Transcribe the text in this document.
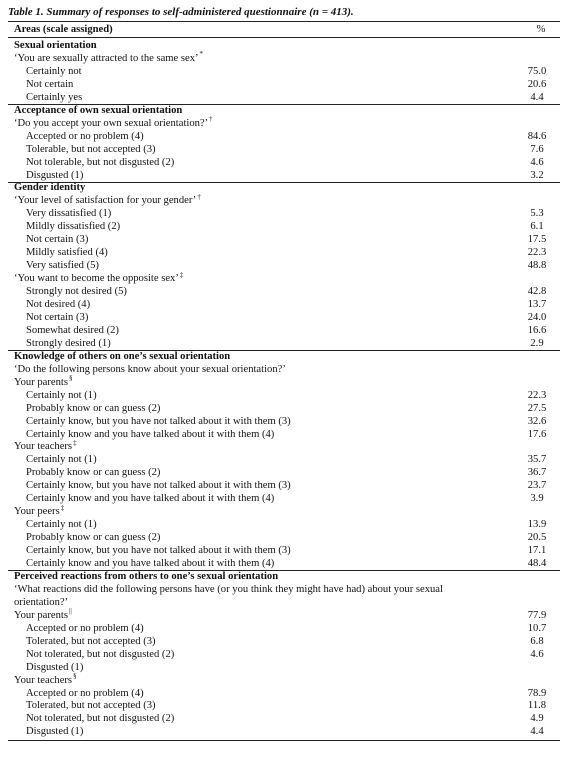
Table 1. Summary of responses to self-administered questionnaire (n = 413).
Areas (scale assigned)	%
Sexual orientation
‘You are sexually attracted to the same sex’*
Certainly not	75.0
Not certain	20.6
Certainly yes	4.4
Acceptance of own sexual orientation
‘Do you accept your own sexual orientation?’†
Accepted or no problem (4)	84.6
Tolerable, but not accepted (3)	7.6
Not tolerable, but not disgusted (2)	4.6
Disgusted (1)	3.2
Gender identity
‘Your level of satisfaction for your gender’†
Very dissatisfied (1)	5.3
Mildly dissatisfied (2)	6.1
Not certain (3)	17.5
Mildly satisfied (4)	22.3
Very satisfied (5)	48.8
‘You want to become the opposite sex’‡
Strongly not desired (5)	42.8
Not desired (4)	13.7
Not certain (3)	24.0
Somewhat desired (2)	16.6
Strongly desired (1)	2.9
Knowledge of others on one’s sexual orientation
‘Do the following persons know about your sexual orientation?’
Your parents§
Certainly not (1)	22.3
Probably know or can guess (2)	27.5
Certainly know, but you have not talked about it with them (3)	32.6
Certainly know and you have talked about it with them (4)	17.6
Your teachers‡
Certainly not (1)	35.7
Probably know or can guess (2)	36.7
Certainly know, but you have not talked about it with them (3)	23.7
Certainly know and you have talked about it with them (4)	3.9
Your peers‡
Certainly not (1)	13.9
Probably know or can guess (2)	20.5
Certainly know, but you have not talked about it with them (3)	17.1
Certainly know and you have talked about it with them (4)	48.4
Perceived reactions from others to one’s sexual orientation
‘What reactions did the following persons have (or you think they might have had) about your sexual
orientation?’
Your parents||	77.9
Accepted or no problem (4)	10.7
Tolerated, but not accepted (3)	6.8
Not tolerated, but not disgusted (2)	4.6
Disgusted (1)
Your teachers§
Accepted or no problem (4)	78.9
Tolerated, but not accepted (3)	11.8
Not tolerated, but not disgusted (2)	4.9
Disgusted (1)	4.4
